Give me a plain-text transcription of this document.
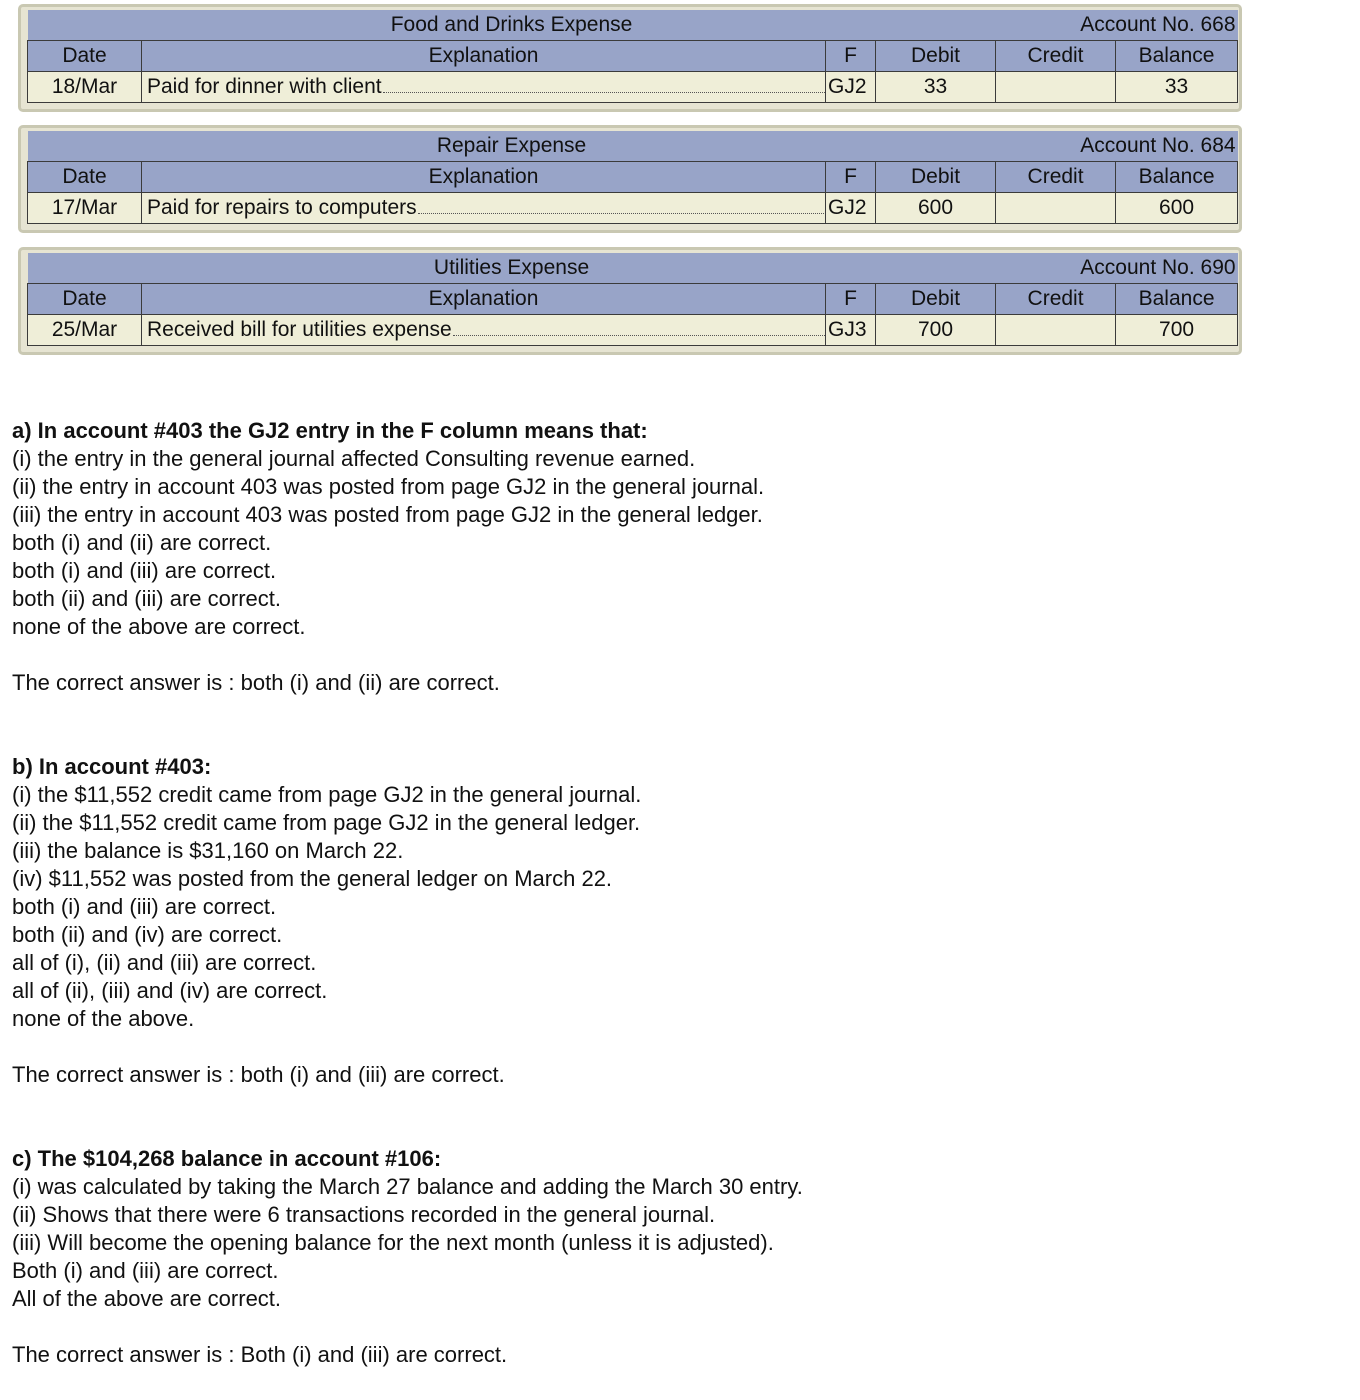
Food and Drinks Expense				Account No. 668	
Date	Explanation	F	Debit	Credit	Balance
18/Mar	Paid for dinner with client	GJ2	33		33
Repair Expense				Account No. 684	
Date	Explanation	F	Debit	Credit	Balance
17/Mar	Paid for repairs to computers	GJ2	600		600
Utilities Expense				Account No. 690	
Date	Explanation	F	Debit	Credit	Balance
25/Mar	Received bill for utilities expense	GJ3	700		700

a) In account #403 the GJ2 entry in the F column means that:

(i) the entry in the general journal affected Consulting revenue earned.

(ii) the entry in account 403 was posted from page GJ2 in the general journal.

(iii) the entry in account 403 was posted from page GJ2 in the general ledger.

both (i) and (ii) are correct.

both (i) and (iii) are correct.

both (ii) and (iii) are correct.

none of the above are correct.

The correct answer is : both (i) and (ii) are correct.

b) In account #403:

(i) the $11,552 credit came from page GJ2 in the general journal.

(ii) the $11,552 credit came from page GJ2 in the general ledger.

(iii) the balance is $31,160 on March 22.

(iv) $11,552 was posted from the general ledger on March 22.

both (i) and (iii) are correct.

both (ii) and (iv) are correct.

all of (i), (ii) and (iii) are correct.

all of (ii), (iii) and (iv) are correct.

none of the above.

The correct answer is : both (i) and (iii) are correct.

c) The $104,268 balance in account #106:

(i) was calculated by taking the March 27 balance and adding the March 30 entry.

(ii) Shows that there were 6 transactions recorded in the general journal.

(iii) Will become the opening balance for the next month (unless it is adjusted).

Both (i) and (iii) are correct.

All of the above are correct.

The correct answer is : Both (i) and (iii) are correct.
